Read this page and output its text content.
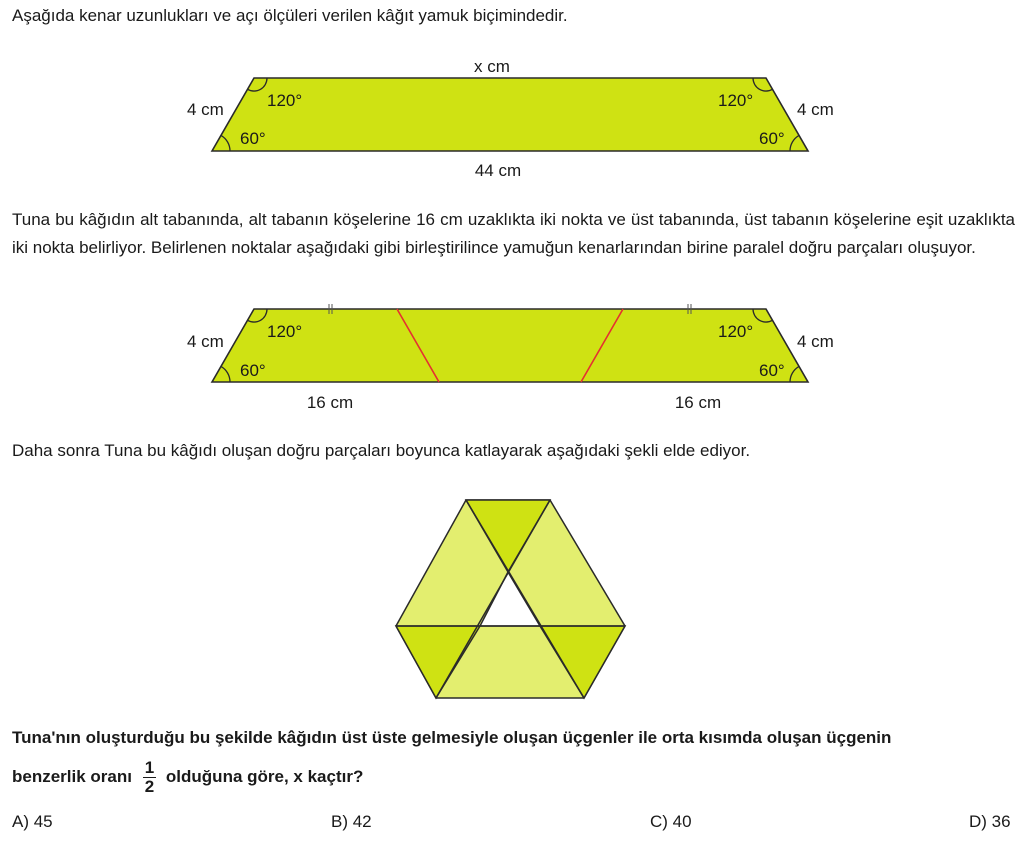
Aşağıda kenar uzunlukları ve açı ölçüleri verilen kâğıt yamuk biçimindedir.

x cm
44 cm
4 cm	4 cm
120°
60°
120°
60°

Tuna bu kâğıdın alt tabanında, alt tabanın köşelerine 16 cm uzaklıkta iki nokta ve üst tabanında, üst tabanın köşelerine eşit uzaklıkta iki nokta belirliyor. Belirlenen noktalar aşağıdaki gibi birleştirilince yamuğun kenarlarından birine paralel doğru parçaları oluşuyor.

4 cm	4 cm
120°
60°
120°
60°
16 cm	16 cm

Daha sonra Tuna bu kâğıdı oluşan doğru parçaları boyunca katlayarak aşağıdaki şekli elde ediyor.

Tuna'nın oluşturduğu bu şekilde kâğıdın üst üste gelmesiyle oluşan üçgenler ile orta kısımda oluşan üçgenin

benzerlik oranı $\frac{1}{2}$ olduğuna göre, x kaçtır?
A) 45	B) 42	C) 40	D) 36
